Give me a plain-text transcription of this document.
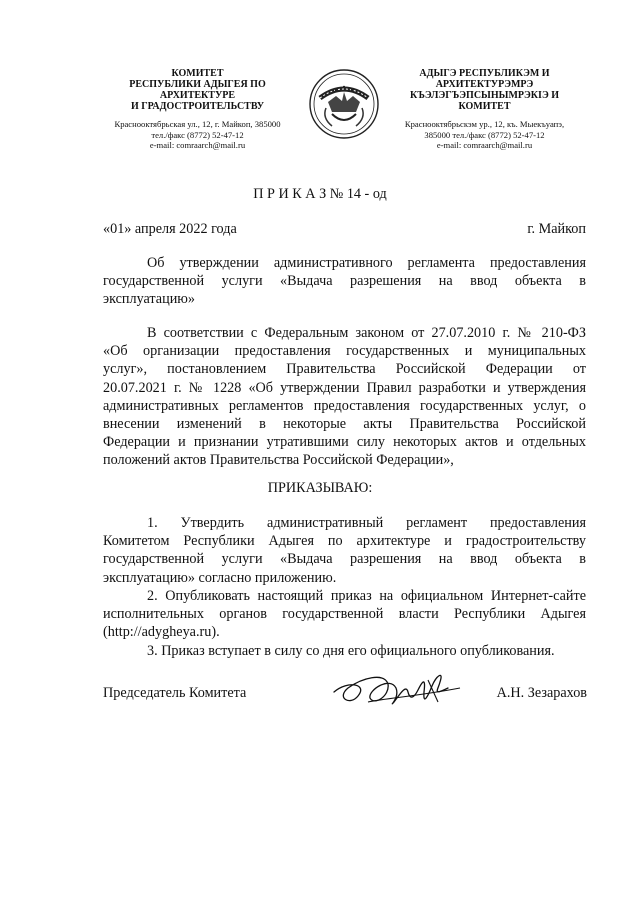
КОМИТЕТ
РЕСПУБЛИКИ АДЫГЕЯ ПО
АРХИТЕКТУРЕ
И ГРАДОСТРОИТЕЛЬСТВУ
Краснооктябрьская ул., 12, г. Майкоп, 385000
тел./факс (8772) 52-47-12
e-mail: comraarch@mail.ru
АДЫГЭ РЕСПУБЛИКЭМ И
АРХИТЕКТУРЭМРЭ
КЪЭЛЭГЪЭПСЫНЫМРЭКIЭ И
КОМИТЕТ
Краснооктябрьскэм ур., 12, къ. Мыекъуапэ,
385000 тел./факс (8772) 52-47-12
e-mail: comraarch@mail.ru
П Р И К А З № 14 - од
«01» апреля 2022 года	г. Майкоп
Об утверждении административного регламента предоставления
государственной услуги «Выдача разрешения на ввод объекта в
эксплуатацию»
В соответствии с Федеральным законом от 27.07.2010 г. № 210-ФЗ
«Об организации предоставления государственных и муниципальных
услуг», постановлением Правительства Российской Федерации от
20.07.2021 г. № 1228 «Об утверждении Правил разработки и утверждения
административных регламентов предоставления государственных услуг, о
внесении изменений в некоторые акты Правительства Российской
Федерации и признании утратившими силу некоторых актов и отдельных
положений актов Правительства Российской Федерации»,
ПРИКАЗЫВАЮ:
1. Утвердить административный регламент предоставления
Комитетом Республики Адыгея по архитектуре и градостроительству
государственной услуги «Выдача разрешения на ввод объекта в
эксплуатацию» согласно приложению.
2. Опубликовать настоящий приказ на официальном Интернет-сайте
исполнительных органов государственной власти Республики Адыгея
(http://adygheya.ru).
3. Приказ вступает в силу со дня его официального опубликования.
Председатель Комитета	А.Н. Зезарахов
